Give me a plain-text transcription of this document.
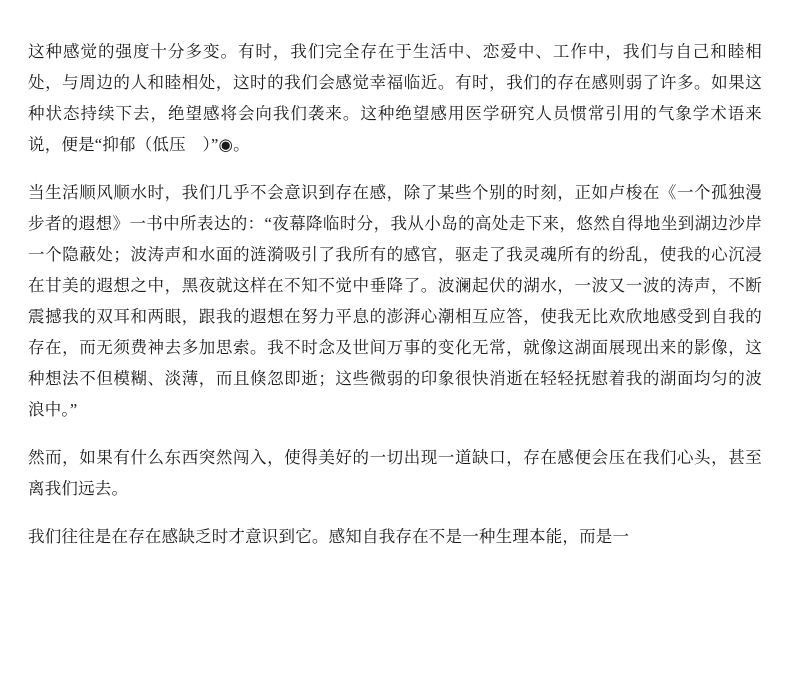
这种感觉的强度十分多变。有时，我们完全存在于生活中、恋爱中、工作中，我们与自己和睦相处，与周边的人和睦相处，这时的我们会感觉幸福临近。有时，我们的存在感则弱了许多。如果这种状态持续下去，绝望感将会向我们袭来。这种绝望感用医学研究人员惯常引用的气象学术语来说，便是“抑郁（低压　）”◉。

当生活顺风顺水时，我们几乎不会意识到存在感，除了某些个别的时刻，正如卢梭在《一个孤独漫步者的遐想》一书中所表达的：“夜幕降临时分，我从小岛的高处走下来，悠然自得地坐到湖边沙岸一个隐蔽处；波涛声和水面的涟漪吸引了我所有的感官，驱走了我灵魂所有的纷乱，使我的心沉浸在甘美的遐想之中，黑夜就这样在不知不觉中垂降了。波澜起伏的湖水，一波又一波的涛声，不断震撼我的双耳和两眼，跟我的遐想在努力平息的澎湃心潮相互应答，使我无比欢欣地感受到自我的存在，而无须费神去多加思索。我不时念及世间万事的变化无常，就像这湖面展现出来的影像，这种想法不但模糊、淡薄，而且倏忽即逝；这些微弱的印象很快消逝在轻轻抚慰着我的湖面均匀的波浪中。”

然而，如果有什么东西突然闯入，使得美好的一切出现一道缺口，存在感便会压在我们心头，甚至离我们远去。

我们往往是在存在感缺乏时才意识到它。感知自我存在不是一种生理本能，而是一
